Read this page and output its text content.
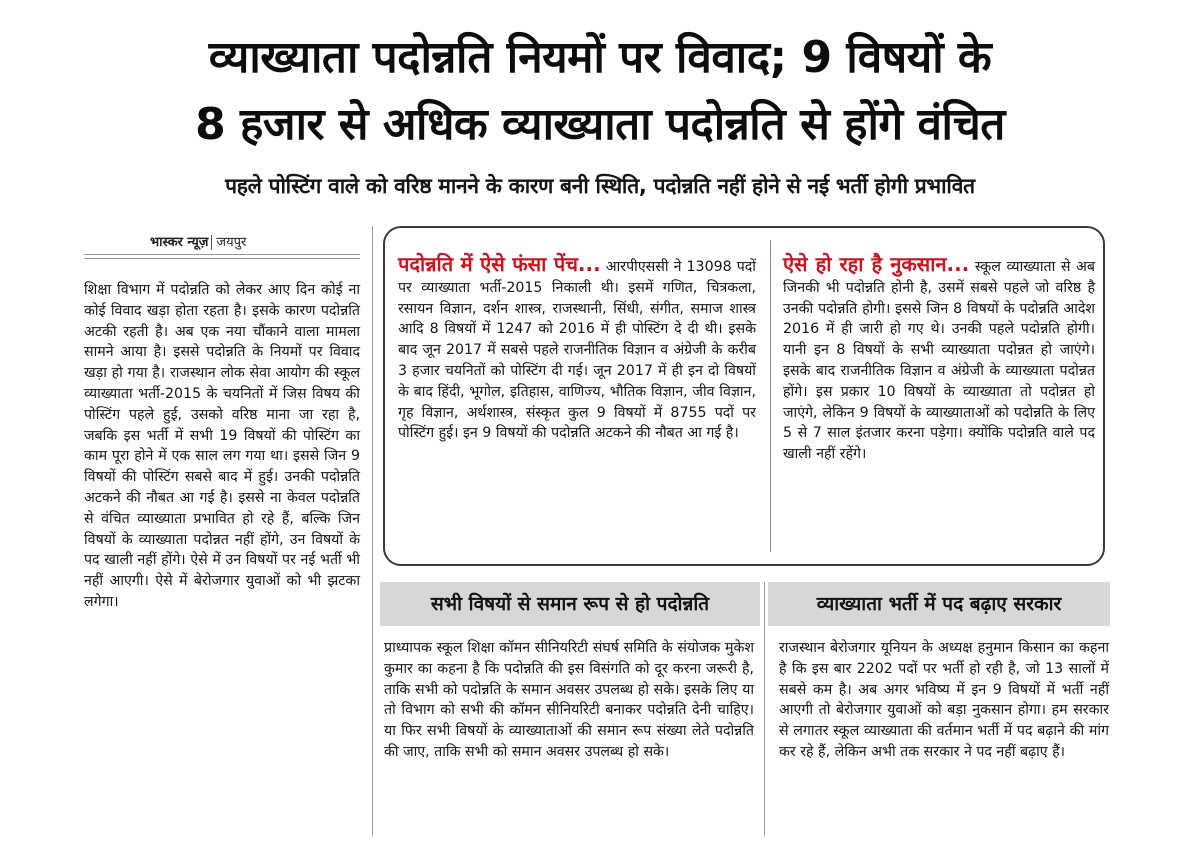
व्याख्याता पदोन्नति नियमों पर विवाद; 9 विषयों के
8 हजार से अधिक व्याख्याता पदोन्नति से होंगे वंचित
पहले पोस्टिंग वाले को वरिष्ठ मानने के कारण बनी स्थिति, पदोन्नति नहीं होने से नई भर्ती होगी प्रभावित
भास्कर न्यूज़ जयपुर
शिक्षा विभाग में पदोन्नति को लेकर आए दिन कोई ना कोई विवाद खड़ा होता रहता है। इसके कारण पदोन्नति अटकी रहती है। अब एक नया चौंकाने वाला मामला सामने आया है। इससे पदोन्नति के नियमों पर विवाद खड़ा हो गया है। राजस्थान लोक सेवा आयोग की स्कूल व्याख्याता भर्ती-2015 के चयनितों में जिस विषय की पोस्टिंग पहले हुई, उसको वरिष्ठ माना जा रहा है, जबकि इस भर्ती में सभी 19 विषयों की पोस्टिंग का काम पूरा होने में एक साल लग गया था। इससे जिन 9 विषयों की पोस्टिंग सबसे बाद में हुई। उनकी पदोन्नति अटकने की नौबत आ गई है। इससे ना केवल पदोन्नति से वंचित व्याख्याता प्रभावित हो रहे हैं, बल्कि जिन विषयों के व्याख्याता पदोन्नत नहीं होंगे, उन विषयों के पद खाली नहीं होंगे। ऐसे में उन विषयों पर नई भर्ती भी नहीं आएगी। ऐसे में बेरोजगार युवाओं को भी झटका लगेगा।
पदोन्नति में ऐसे फंसा पेंच... आरपीएससी ने 13098 पदों पर व्याख्याता भर्ती-2015 निकाली थी। इसमें गणित, चित्रकला, रसायन विज्ञान, दर्शन शास्त्र, राजस्थानी, सिंधी, संगीत, समाज शास्त्र आदि 8 विषयों में 1247 को 2016 में ही पोस्टिंग दे दी थी। इसके बाद जून 2017 में सबसे पहले राजनीतिक विज्ञान व अंग्रेजी के करीब 3 हजार चयनितों को पोस्टिंग दी गई। जून 2017 में ही इन दो विषयों के बाद हिंदी, भूगोल, इतिहास, वाणिज्य, भौतिक विज्ञान, जीव विज्ञान, गृह विज्ञान, अर्थशास्त्र, संस्कृत कुल 9 विषयों में 8755 पदों पर पोस्टिंग हुई। इन 9 विषयों की पदोन्नति अटकने की नौबत आ गई है।
ऐसे हो रहा है नुकसान... स्कूल व्याख्याता से अब जिनकी भी पदोन्नति होनी है, उसमें सबसे पहले जो वरिष्ठ है उनकी पदोन्नति होगी। इससे जिन 8 विषयों के पदोन्नति आदेश 2016 में ही जारी हो गए थे। उनकी पहले पदोन्नति होगी। यानी इन 8 विषयों के सभी व्याख्याता पदोन्नत हो जाएंगे। इसके बाद राजनीतिक विज्ञान व अंग्रेजी के व्याख्याता पदोन्नत होंगे। इस प्रकार 10 विषयों के व्याख्याता तो पदोन्नत हो जाएंगे, लेकिन 9 विषयों के व्याख्याताओं को पदोन्नति के लिए 5 से 7 साल इंतजार करना पड़ेगा। क्योंकि पदोन्नति वाले पद खाली नहीं रहेंगे।
सभी विषयों से समान रूप से हो पदोन्नति	व्याख्याता भर्ती में पद बढ़ाए सरकार
प्राध्यापक स्कूल शिक्षा कॉमन सीनियरिटी संघर्ष समिति के संयोजक मुकेश कुमार का कहना है कि पदोन्नति की इस विसंगति को दूर करना जरूरी है, ताकि सभी को पदोन्नति के समान अवसर उपलब्ध हो सके। इसके लिए या तो विभाग को सभी की कॉमन सीनियरिटी बनाकर पदोन्नति देनी चाहिए। या फिर सभी विषयों के व्याख्याताओं की समान रूप संख्या लेते पदोन्नति की जाए, ताकि सभी को समान अवसर उपलब्ध हो सके।
राजस्थान बेरोजगार यूनियन के अध्यक्ष हनुमान किसान का कहना है कि इस बार 2202 पदों पर भर्ती हो रही है, जो 13 सालों में सबसे कम है। अब अगर भविष्य में इन 9 विषयों में भर्ती नहीं आएगी तो बेरोजगार युवाओं को बड़ा नुकसान होगा। हम सरकार से लगातर स्कूल व्याख्याता की वर्तमान भर्ती में पद बढ़ाने की मांग कर रहे हैं, लेकिन अभी तक सरकार ने पद नहीं बढ़ाए हैं।
